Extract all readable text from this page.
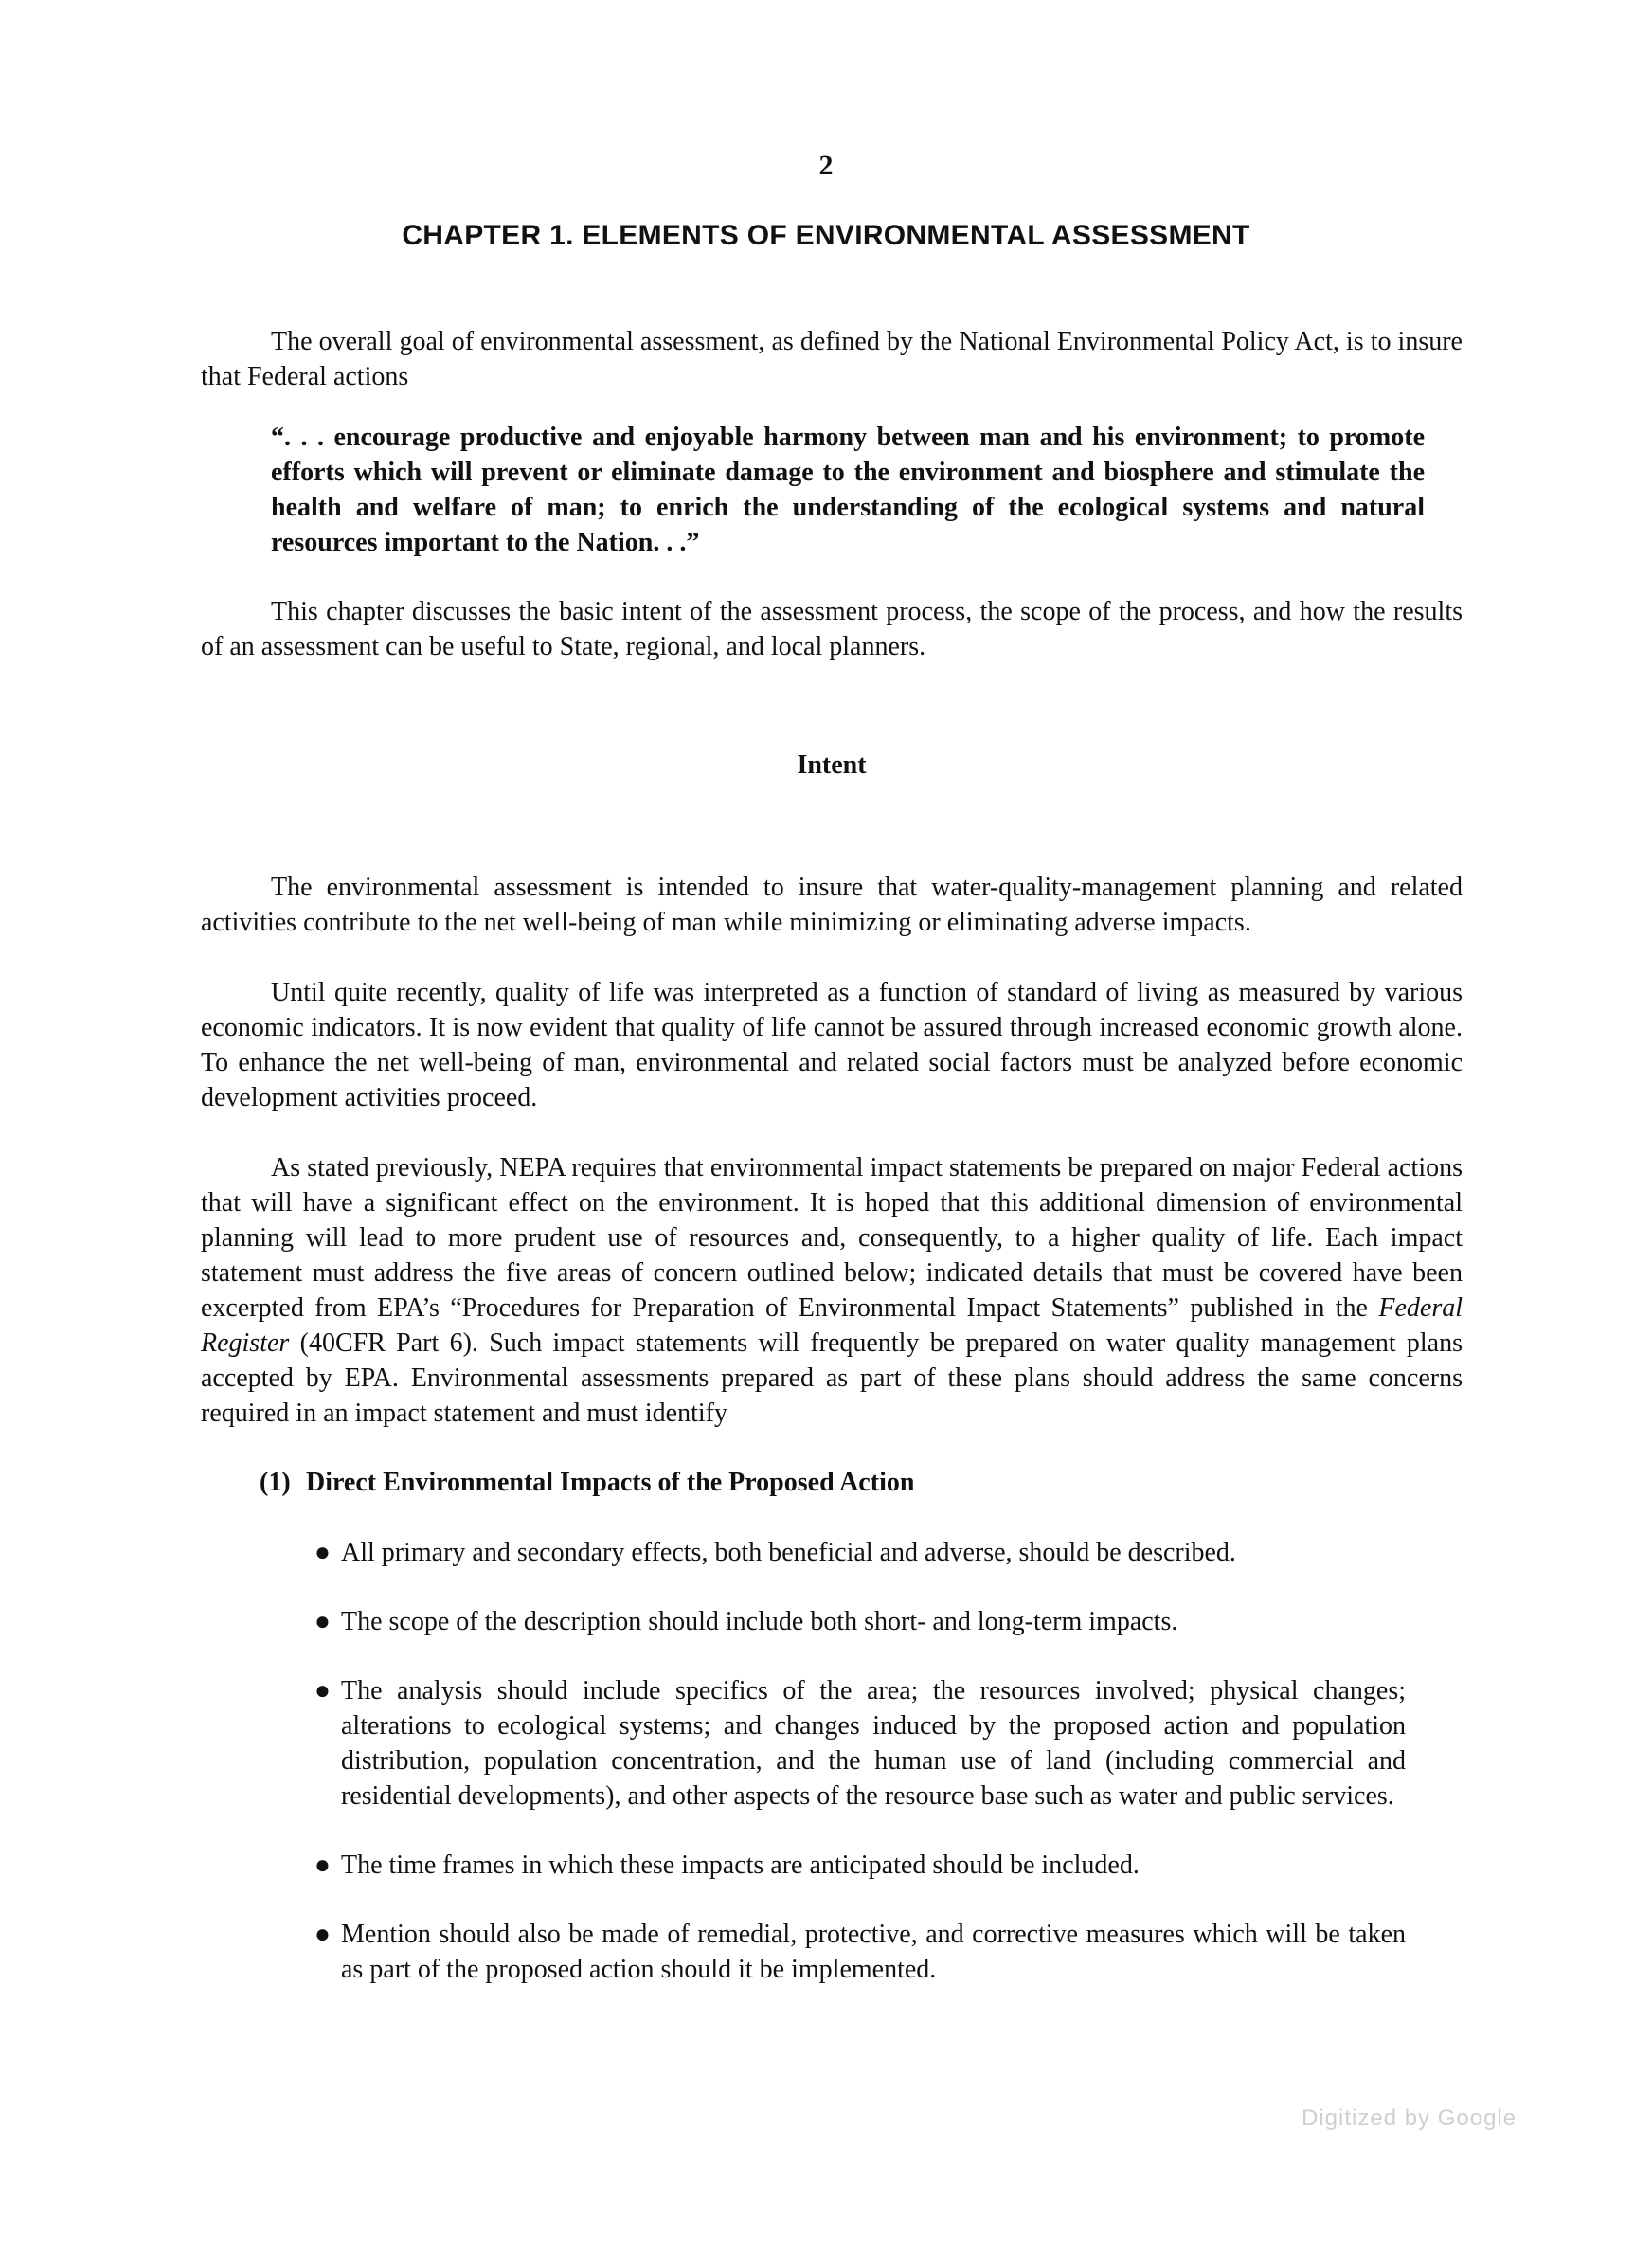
2
CHAPTER 1. ELEMENTS OF ENVIRONMENTAL ASSESSMENT

The overall goal of environmental assessment, as defined by the National Environmental Policy Act, is to insure that Federal actions

“. . . encourage productive and enjoyable harmony between man and his environment; to promote efforts which will prevent or eliminate damage to the environment and biosphere and stimulate the health and welfare of man; to enrich the understanding of the ecological systems and natural resources important to the Nation. . .”

This chapter discusses the basic intent of the assessment process, the scope of the process, and how the results of an assessment can be useful to State, regional, and local planners.

Intent

The environmental assessment is intended to insure that water-quality-management planning and related activities contribute to the net well-being of man while minimizing or eliminating adverse impacts.

Until quite recently, quality of life was interpreted as a function of standard of living as measured by various economic indicators. It is now evident that quality of life cannot be assured through increased economic growth alone. To enhance the net well-being of man, environmental and related social factors must be analyzed before economic development activities proceed.

As stated previously, NEPA requires that environmental impact statements be prepared on major Federal actions that will have a significant effect on the environment. It is hoped that this additional dimension of environmental planning will lead to more prudent use of resources and, consequently, to a higher quality of life. Each impact statement must address the five areas of concern outlined below; indicated details that must be covered have been excerpted from EPA’s “Procedures for Preparation of Environmental Impact Statements” published in the Federal Register (40CFR Part 6). Such impact statements will frequently be prepared on water quality management plans accepted by EPA. Environmental assessments prepared as part of these plans should address the same concerns required in an impact statement and must identify

(1) Direct Environmental Impacts of the Proposed Action
● All primary and secondary effects, both beneficial and adverse, should be described.
● The scope of the description should include both short- and long-term impacts.
● The analysis should include specifics of the area; the resources involved; physical changes; alterations to ecological systems; and changes induced by the proposed action and population distribution, population concentration, and the human use of land (including commercial and residential developments), and other aspects of the resource base such as water and public services.
● The time frames in which these impacts are anticipated should be included.
● Mention should also be made of remedial, protective, and corrective measures which will be taken as part of the proposed action should it be implemented.
Digitized by Google
